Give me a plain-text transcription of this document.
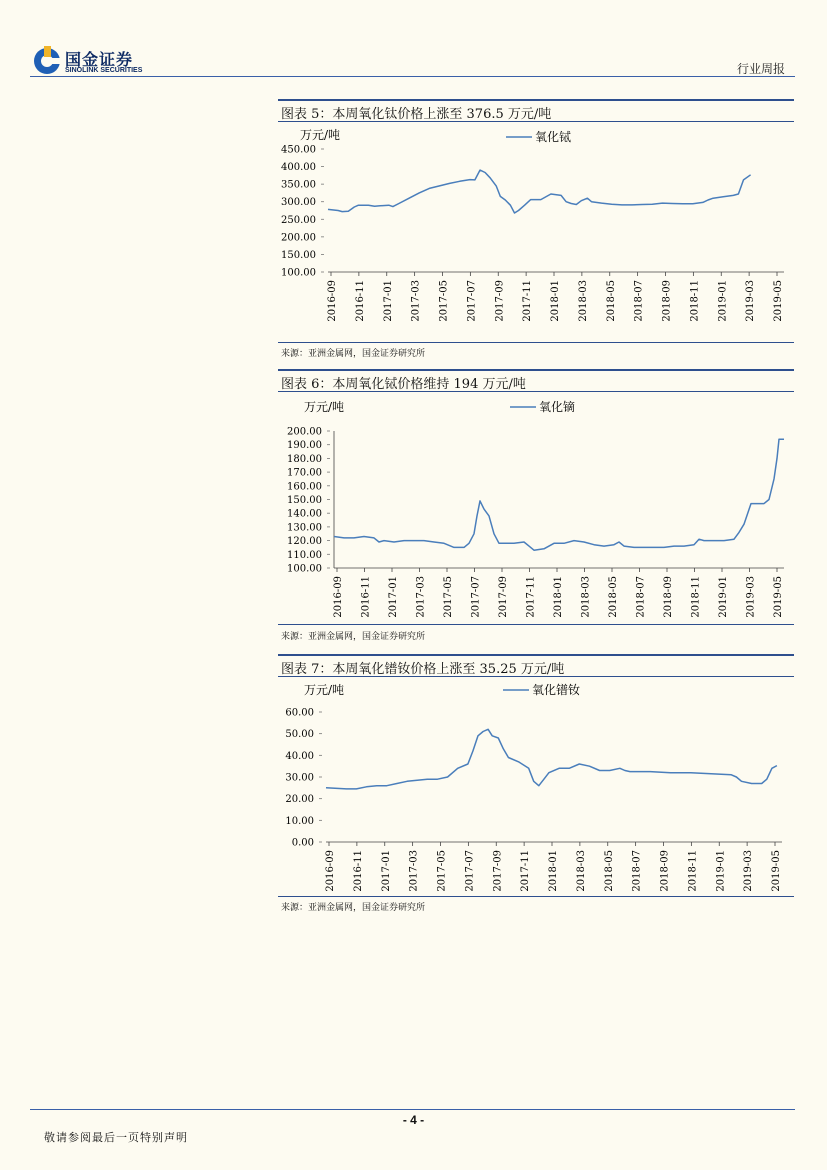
国金证券
SINOLINK SECURITIES	行业周报
图表 5：本周氧化钛价格上涨至 376.5 万元/吨
万元/吨	氧化铽
100.00
150.00
200.00
250.00
300.00
350.00
400.00
450.00
2016-09 2016-11 2017-01 2017-03 2017-05 2017-07 2017-09 2017-11 2018-01 2018-03 2018-05 2018-07 2018-09 2018-11 2019-01 2019-03 2019-05
来源：亚洲金属网，国金证券研究所
图表 6：本周氧化铽价格维持 194 万元/吨
万元/吨	氧化镝
100.00
110.00
120.00
130.00
140.00
150.00
160.00
170.00
180.00
190.00
200.00
2016-09 2016-11 2017-01 2017-03 2017-05 2017-07 2017-09 2017-11 2018-01 2018-03 2018-05 2018-07 2018-09 2018-11 2019-01 2019-03 2019-05
来源：亚洲金属网，国金证券研究所
图表 7：本周氧化镨钕价格上涨至 35.25 万元/吨
万元/吨	氧化镨钕
0.00
10.00
20.00
30.00
40.00
50.00
60.00
2016-09 2016-11 2017-01 2017-03 2017-05 2017-07 2017-09 2017-11 2018-01 2018-03 2018-05 2018-07 2018-09 2018-11 2019-01 2019-03 2019-05
来源：亚洲金属网，国金证券研究所
- 4 -
敬请参阅最后一页特别声明
